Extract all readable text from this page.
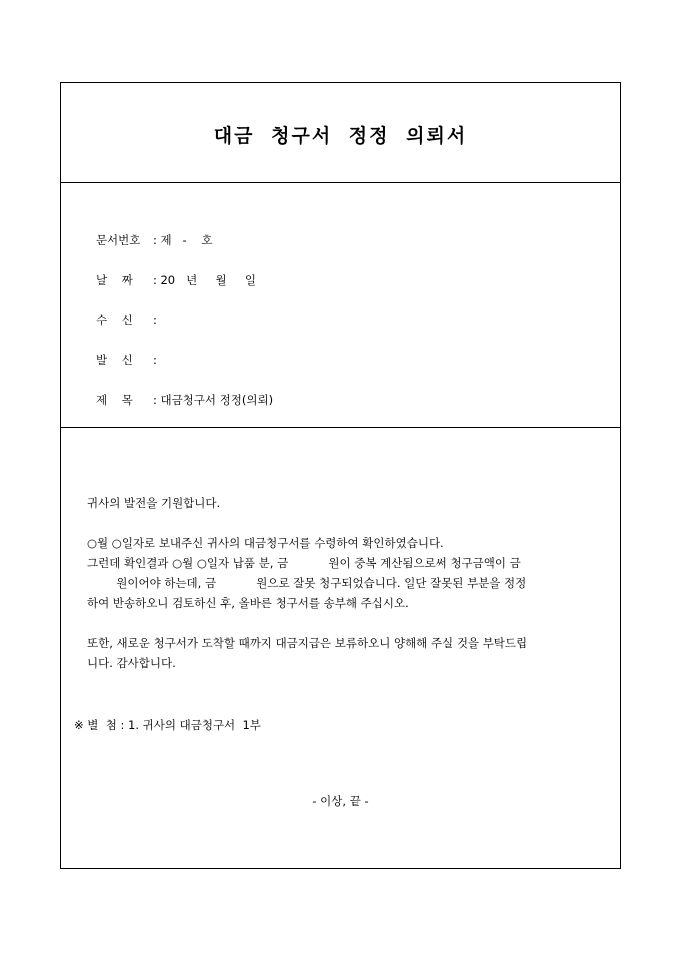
대금 청구서 정정 의뢰서

문서번호 : 제   -    호

날    짜 : 20   년     월     일

수    신 :

발    신 :

제    목 : 대금청구서 정정(의뢰)

귀사의 발전을 기원합니다.
○월 ○일자로 보내주신 귀사의 대금청구서를 수령하여 확인하였습니다.
그런데 확인결과 ○월 ○일자 납품 분, 금           원이 중복 계산됨으로써 청구금액이 금
원이어야 하는데, 금           원으로 잘못 청구되었습니다. 일단 잘못된 부분을 정정
하여 반송하오니 검토하신 후, 올바른 청구서를 송부해 주십시오.
또한, 새로운 청구서가 도착할 때까지 대금지급은 보류하오니 양해해 주실 것을 부탁드립
니다. 감사합니다.
※ 별  첨 : 1. 귀사의 대금청구서  1부
- 이상, 끝 -
